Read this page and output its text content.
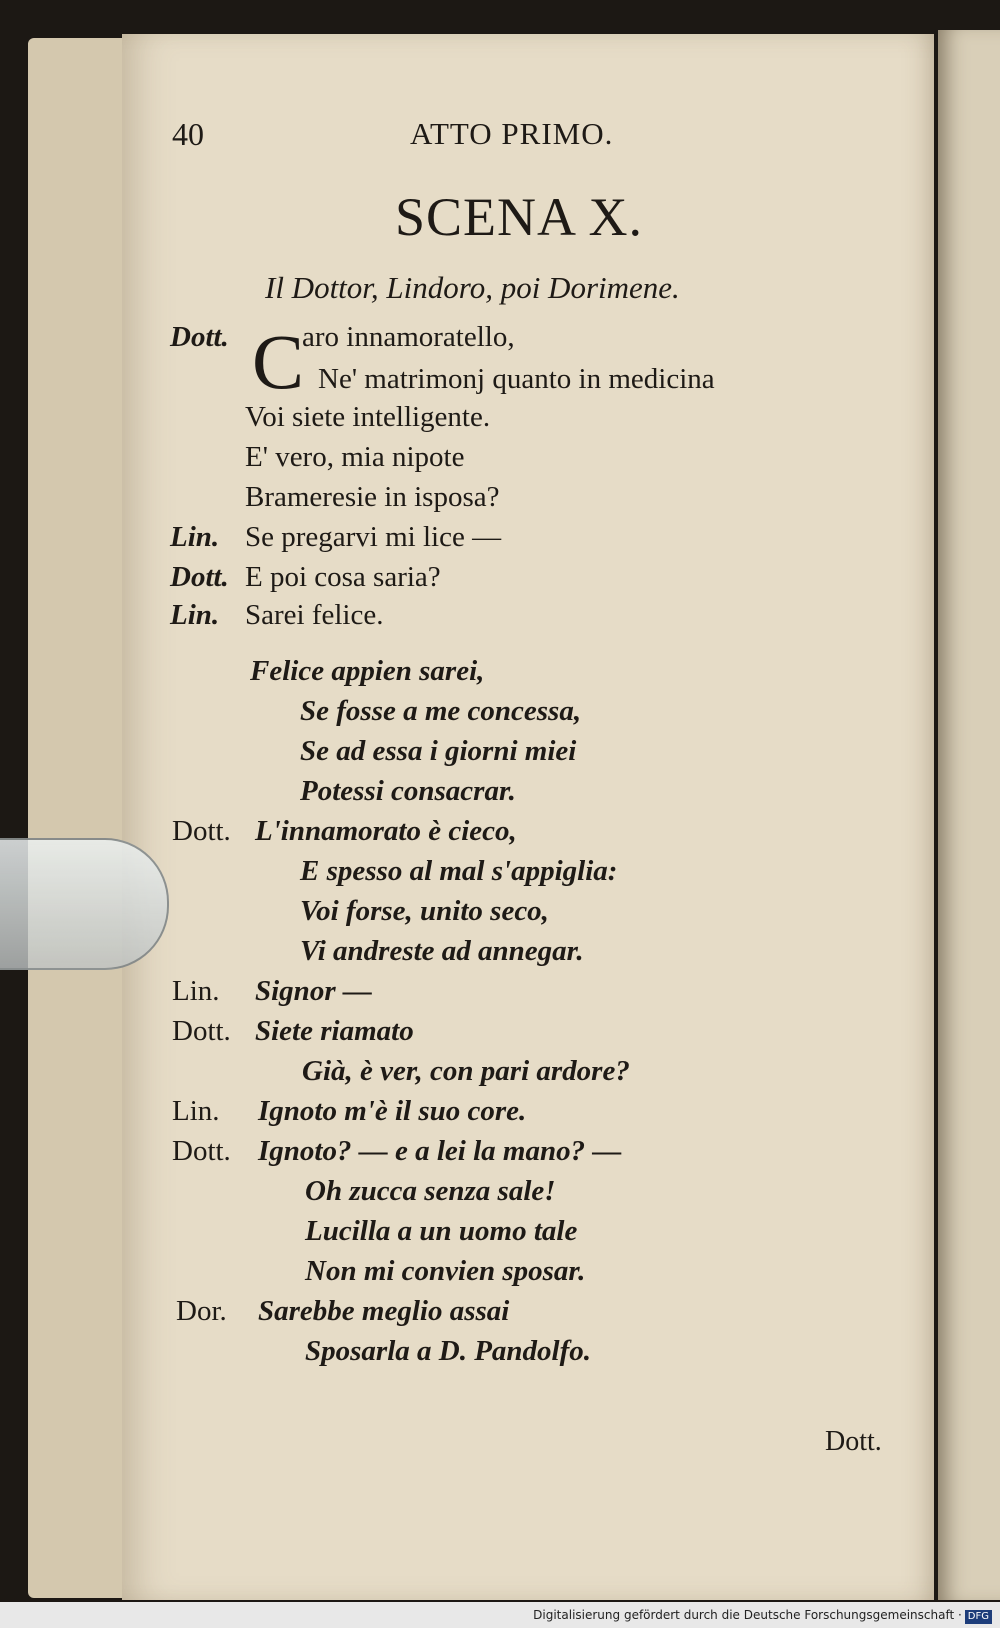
40	ATTO PRIMO.
SCENA X.
Il Dottor, Lindoro, poi Dorimene.
C
Dott.	aro innamoratello,
Ne' matrimonj quanto in medicina
Voi siete intelligente.
E' vero, mia nipote
Brameresie in isposa?
Lin. Se pregarvi mi lice —
Dott. E poi cosa saria?
Lin. Sarei felice.
Felice appien sarei,
Se fosse a me concessa,
Se ad essa i giorni miei
Potessi consacrar.
Dott. L'innamorato è cieco,
E spesso al mal s'appiglia:
Voi forse, unito seco,
Vi andreste ad annegar.
Lin. Signor —
Dott. Siete riamato
Già, è ver, con pari ardore?
Lin. Ignoto m'è il suo core.
Dott. Ignoto? — e a lei la mano? —
Oh zucca senza sale!
Lucilla a un uomo tale
Non mi convien sposar.
Dor. Sarebbe meglio assai
Sposarla a D. Pandolfo.
Dott.
Digitalisierung gefördert durch die Deutsche Forschungsgemeinschaft · DFG
